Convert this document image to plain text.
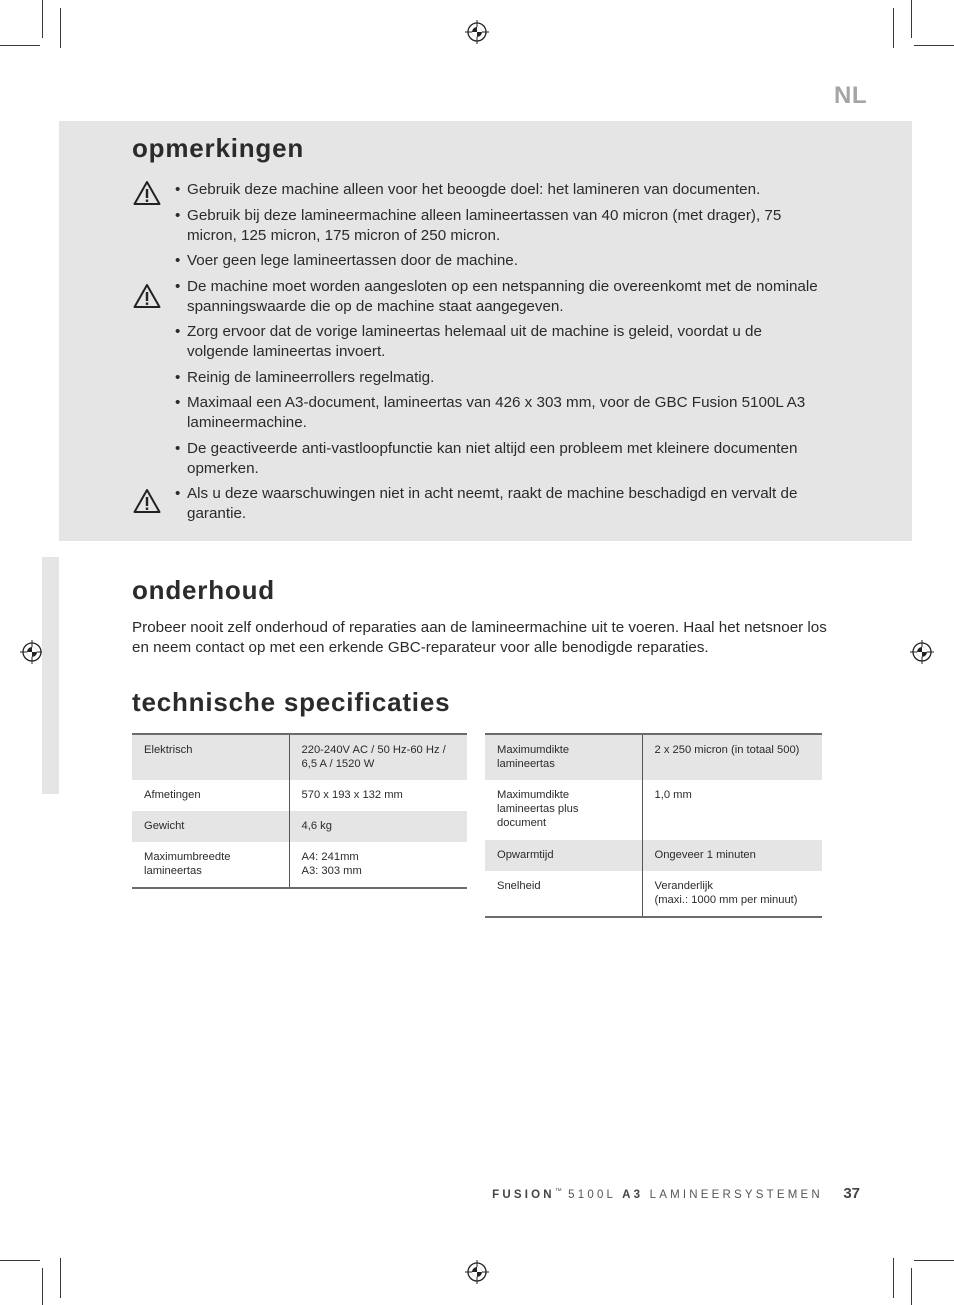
NL
opmerkingen
• Gebruik deze machine alleen voor het beoogde doel: het lamineren van documenten.
• Gebruik bij deze lamineermachine alleen lamineertassen van 40 micron (met drager), 75 micron, 125 micron, 175 micron of 250 micron.
• Voer geen lege lamineertassen door de machine.
• De machine moet worden aangesloten op een netspanning die overeenkomt met de nominale spanningswaarde die op de machine staat aangegeven.
• Zorg ervoor dat de vorige lamineertas helemaal uit de machine is geleid, voordat u de volgende lamineertas invoert.
• Reinig de lamineerrollers regelmatig.
• Maximaal een A3-document, lamineertas van 426 x 303 mm, voor de GBC Fusion 5100L A3 lamineermachine.
• De geactiveerde anti-vastloopfunctie kan niet altijd een probleem met kleinere documenten opmerken.
• Als u deze waarschuwingen niet in acht neemt, raakt de machine beschadigd en vervalt de garantie.
onderhoud

Probeer nooit zelf onderhoud of reparaties aan de lamineermachine uit te voeren. Haal het netsnoer los en neem contact op met een erkende GBC-reparateur voor alle benodigde reparaties.

technische specificaties
Elektrisch	220-240V AC / 50 Hz-60 Hz / 6,5 A / 1520 W
Afmetingen	570 x 193 x 132 mm
Gewicht	4,6 kg
Maximumbreedte lamineertas	A4: 241mm
A3: 303 mm
Maximumdikte lamineertas	2 x 250 micron (in totaal 500)
Maximumdikte lamineertas plus document	1,0 mm
Opwarmtijd	Ongeveer 1 minuten
Snelheid	Veranderlijk
(maxi.: 1000 mm per minuut)
FUSION™ 5100L A3 LAMINEERSYSTEMEN 37
